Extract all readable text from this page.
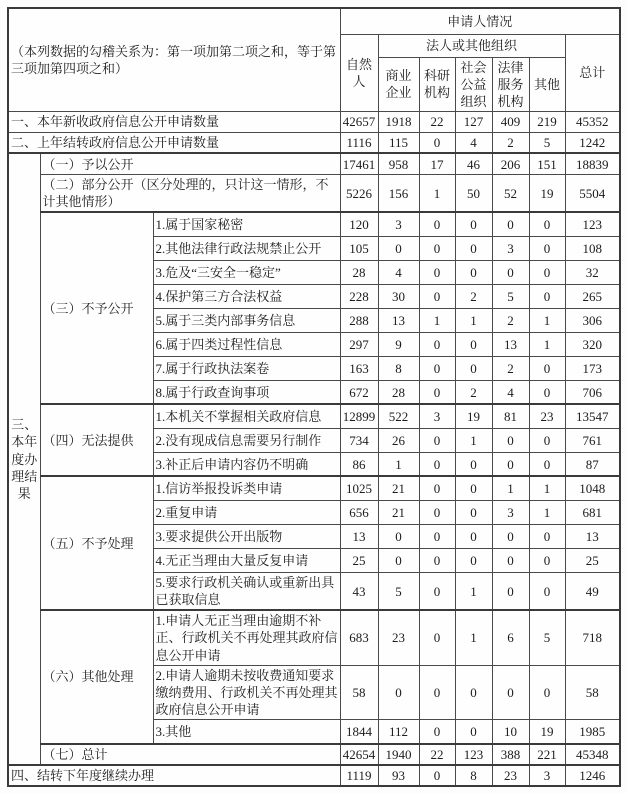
（本列数据的勾稽关系为：第一项加第二项之和，等于第三项加第四项之和）			申请人情况						
			自然人	法人或其他组织					总计
				商业企业	科研机构	社会公益组织	法律服务机构	其他	
一、本年新收政府信息公开申请数量			42657	1918	22	127	409	219	45352
二、上年结转政府信息公开申请数量			1116	115	0	4	2	5	1242
三、本年度办理结果	（一）予以公开		17461	958	17	46	206	151	18839
	（二）部分公开（区分处理的，只计这一情形，不计其他情形）		5226	156	1	50	52	19	5504
	（三）不予公开	1.属于国家秘密	120	3	0	0	0	0	123
		2.其他法律行政法规禁止公开	105	0	0	0	3	0	108
		3.危及“三安全一稳定”	28	4	0	0	0	0	32
		4.保护第三方合法权益	228	30	0	2	5	0	265
		5.属于三类内部事务信息	288	13	1	1	2	1	306
		6.属于四类过程性信息	297	9	0	0	13	1	320
		7.属于行政执法案卷	163	8	0	0	2	0	173
		8.属于行政查询事项	672	28	0	2	4	0	706
	（四）无法提供	1.本机关不掌握相关政府信息	12899	522	3	19	81	23	13547
		2.没有现成信息需要另行制作	734	26	0	1	0	0	761
		3.补正后申请内容仍不明确	86	1	0	0	0	0	87
	（五）不予处理	1.信访举报投诉类申请	1025	21	0	0	1	1	1048
		2.重复申请	656	21	0	0	3	1	681
		3.要求提供公开出版物	13	0	0	0	0	0	13
		4.无正当理由大量反复申请	25	0	0	0	0	0	25
		5.要求行政机关确认或重新出具已获取信息	43	5	0	1	0	0	49
	（六）其他处理	1.申请人无正当理由逾期不补正、行政机关不再处理其政府信息公开申请	683	23	0	1	6	5	718
		2.申请人逾期未按收费通知要求缴纳费用、行政机关不再处理其政府信息公开申请	58	0	0	0	0	0	58
		3.其他	1844	112	0	0	10	19	1985
	（七）总计		42654	1940	22	123	388	221	45348
四、结转下年度继续办理			1119	93	0	8	23	3	1246
